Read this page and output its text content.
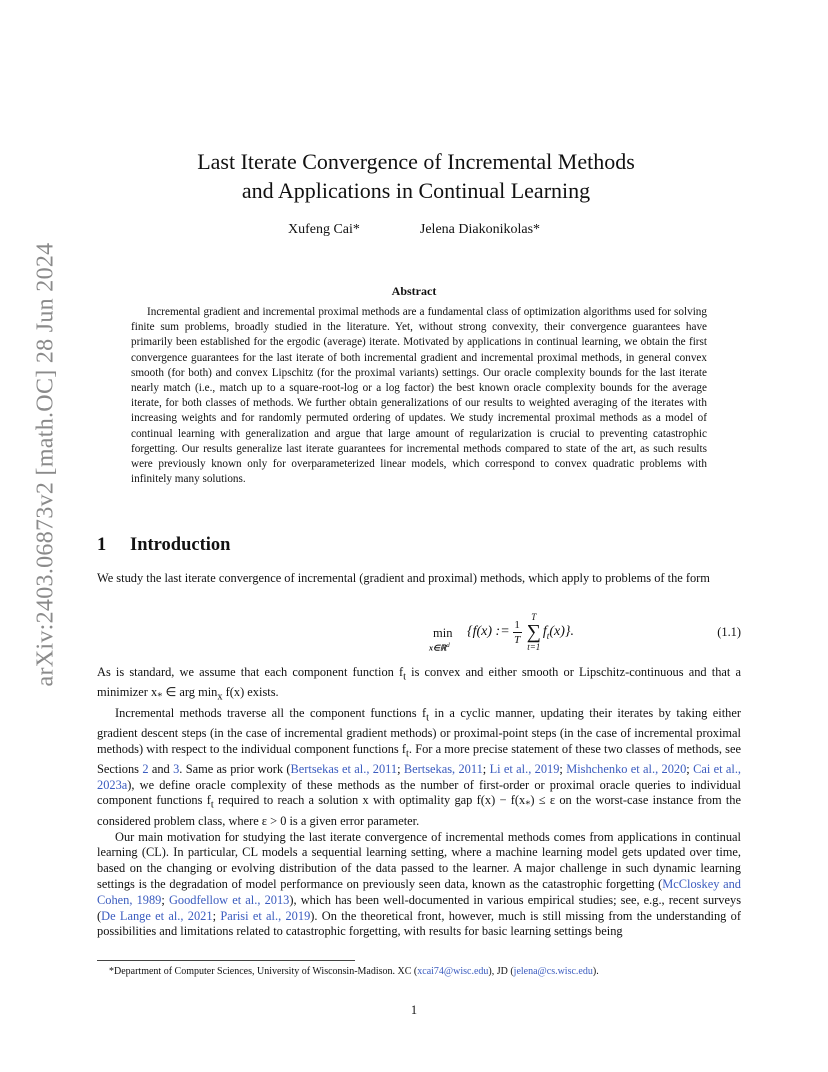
arXiv:2403.06873v2 [math.OC] 28 Jun 2024
Last Iterate Convergence of Incremental Methods
and Applications in Continual Learning
Xufeng Cai*	Jelena Diakonikolas*
Abstract
Incremental gradient and incremental proximal methods are a fundamental class of optimization algorithms used for solving finite sum problems, broadly studied in the literature. Yet, without strong convexity, their convergence guarantees have primarily been established for the ergodic (average) iterate. Motivated by applications in continual learning, we obtain the first convergence guarantees for the last iterate of both incremental gradient and incremental proximal methods, in general convex smooth (for both) and convex Lipschitz (for the proximal variants) settings. Our oracle complexity bounds for the last iterate nearly match (i.e., match up to a square-root-log or a log factor) the best known oracle complexity bounds for the average iterate, for both classes of methods. We further obtain generalizations of our results to weighted averaging of the iterates with increasing weights and for randomly permuted ordering of updates. We study incremental proximal methods as a model of continual learning with generalization and argue that large amount of regularization is crucial to preventing catastrophic forgetting. Our results generalize last iterate guarantees for incremental methods compared to state of the art, as such results were previously known only for overparameterized linear models, which correspond to convex quadratic problems with infinitely many solutions.
1 Introduction

We study the last iterate convergence of incremental (gradient and proximal) methods, which apply to problems of the form

min
x∈ℝ$^d$
{f(x) := $\frac{1}{T}$
T
∑
t=1
$f_t(x)$}.	(1.1)

As is standard, we assume that each component function $f_t$ is convex and either smooth or Lipschitz-continuous and that a minimizer $x_*$ ∈ arg $\min_x f(x)$ exists.

Incremental methods traverse all the component functions $f_t$ in a cyclic manner, updating their iterates by taking either gradient descent steps (in the case of incremental gradient methods) or proximal-point steps (in the case of incremental proximal methods) with respect to the individual component functions $f_t$. For a more precise statement of these two classes of methods, see Sections 2 and 3. Same as prior work (Bertsekas et al., 2011; Bertsekas, 2011; Li et al., 2019; Mishchenko et al., 2020; Cai et al., 2023a), we define oracle complexity of these methods as the number of first-order or proximal oracle queries to individual component functions $f_t$ required to reach a solution x with optimality gap $f(x) - f(x_*) \le \varepsilon$ on the worst-case instance from the considered problem class, where ε > 0 is a given error parameter.

Our main motivation for studying the last iterate convergence of incremental methods comes from applications in continual learning (CL). In particular, CL models a sequential learning setting, where a machine learning model gets updated over time, based on the changing or evolving distribution of the data passed to the learner. A major challenge in such dynamic learning settings is the degradation of model performance on previously seen data, known as the catastrophic forgetting (McCloskey and Cohen, 1989; Goodfellow et al., 2013), which has been well-documented in various empirical studies; see, e.g., recent surveys (De Lange et al., 2021; Parisi et al., 2019). On the theoretical front, however, much is still missing from the understanding of possibilities and limitations related to catastrophic forgetting, with results for basic learning settings being

*Department of Computer Sciences, University of Wisconsin-Madison. XC (xcai74@wisc.edu), JD (jelena@cs.wisc.edu).
1
